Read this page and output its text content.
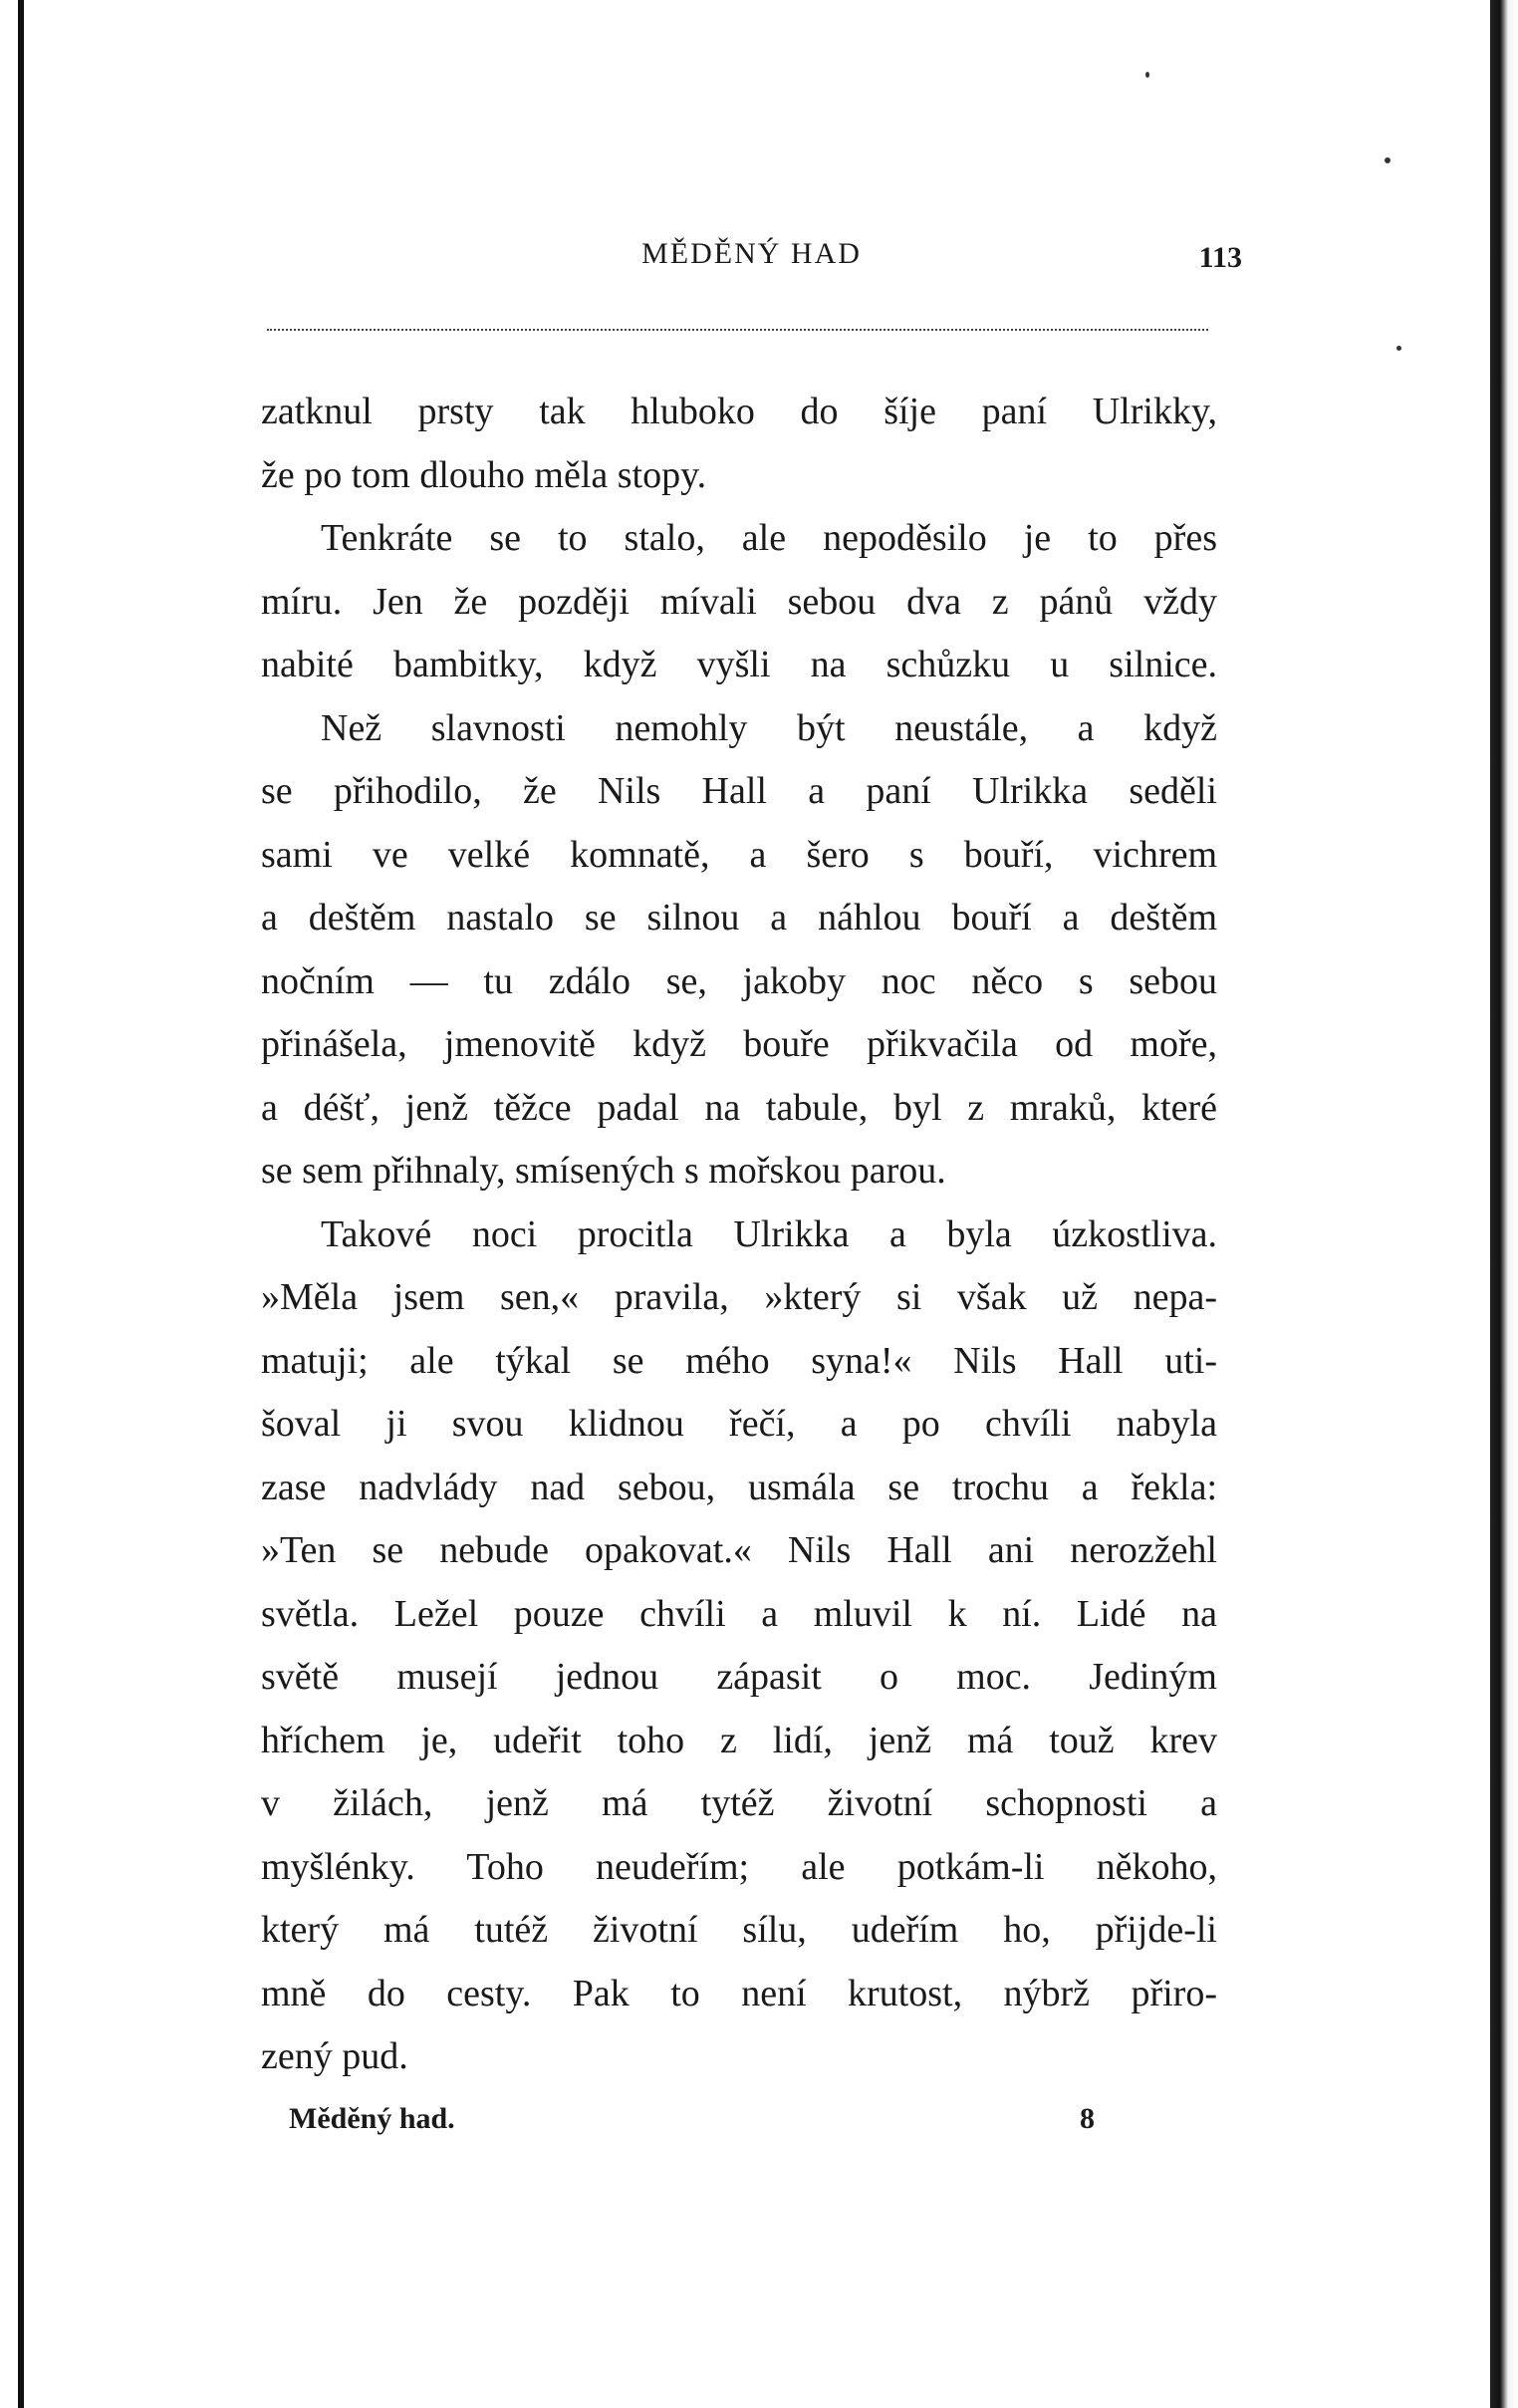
MĚDĚNÝ HAD	113
zatknul prsty tak hluboko do šíje paní Ulrikky,
že po tom dlouho měla stopy.
Tenkráte se to stalo, ale nepoděsilo je to přes
míru. Jen že později mívali sebou dva z pánů vždy
nabité bambitky, když vyšli na schůzku u silnice.
Než slavnosti nemohly být neustále, a když
se přihodilo, že Nils Hall a paní Ulrikka seděli
sami ve velké komnatě, a šero s bouří, vichrem
a deštěm nastalo se silnou a náhlou bouří a deštěm
nočním — tu zdálo se, jakoby noc něco s sebou
přinášela, jmenovitě když bouře přikvačila od moře,
a déšť, jenž těžce padal na tabule, byl z mraků, které
se sem přihnaly, smísených s mořskou parou.
Takové noci procitla Ulrikka a byla úzkostliva.
»Měla jsem sen,« pravila, »který si však už nepa-
matuji; ale týkal se mého syna!« Nils Hall uti-
šoval ji svou klidnou řečí, a po chvíli nabyla
zase nadvlády nad sebou, usmála se trochu a řekla:
»Ten se nebude opakovat.« Nils Hall ani nerozžehl
světla. Ležel pouze chvíli a mluvil k ní. Lidé na
světě musejí jednou zápasit o moc. Jediným
hříchem je, udeřit toho z lidí, jenž má touž krev
v žilách, jenž má tytéž životní schopnosti a
myšlénky. Toho neudeřím; ale potkám-li někoho,
který má tutéž životní sílu, udeřím ho, přijde-li
mně do cesty. Pak to není krutost, nýbrž přiro-
zený pud.
Měděný had.	8
